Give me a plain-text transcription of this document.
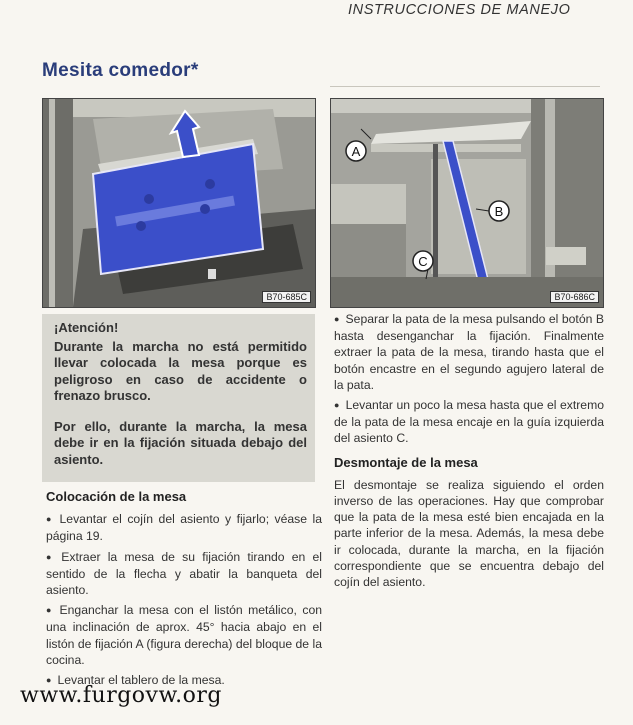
INSTRUCCIONES DE MANEJO
Mesita comedor*
B70-685C
A
B
C
B70-686C

¡Atención!

Durante la marcha no está permitido llevar colocada la mesa porque es peligroso en caso de accidente o frenazo brusco.

Por ello, durante la marcha, la mesa debe ir en la fijación situada debajo del asiento.

Colocación de la mesa

● Levantar el cojín del asiento y fijarlo; véase la página 19.

● Extraer la mesa de su fijación tirando en el sentido de la flecha y abatir la banqueta del asiento.

● Enganchar la mesa con el listón metálico, con una inclinación de aprox. 45° hacia abajo en el listón de fijación A (figura derecha) del bloque de la cocina.

● Levantar el tablero de la mesa.

● Separar la pata de la mesa pulsando el botón B hasta desenganchar la fijación. Finalmente extraer la pata de la mesa, tirando hasta que el botón encastre en el segundo agujero lateral de la pata.

● Levantar un poco la mesa hasta que el extremo de la pata de la mesa encaje en la guía izquierda del asiento C.

Desmontaje de la mesa

El desmontaje se realiza siguiendo el orden inverso de las operaciones. Hay que comprobar que la pata de la mesa esté bien encajada en la parte inferior de la mesa. Además, la mesa debe ir colocada, durante la marcha, en la fijación correspondiente que se encuentra debajo del cojín del asiento.

www.furgovw.org
